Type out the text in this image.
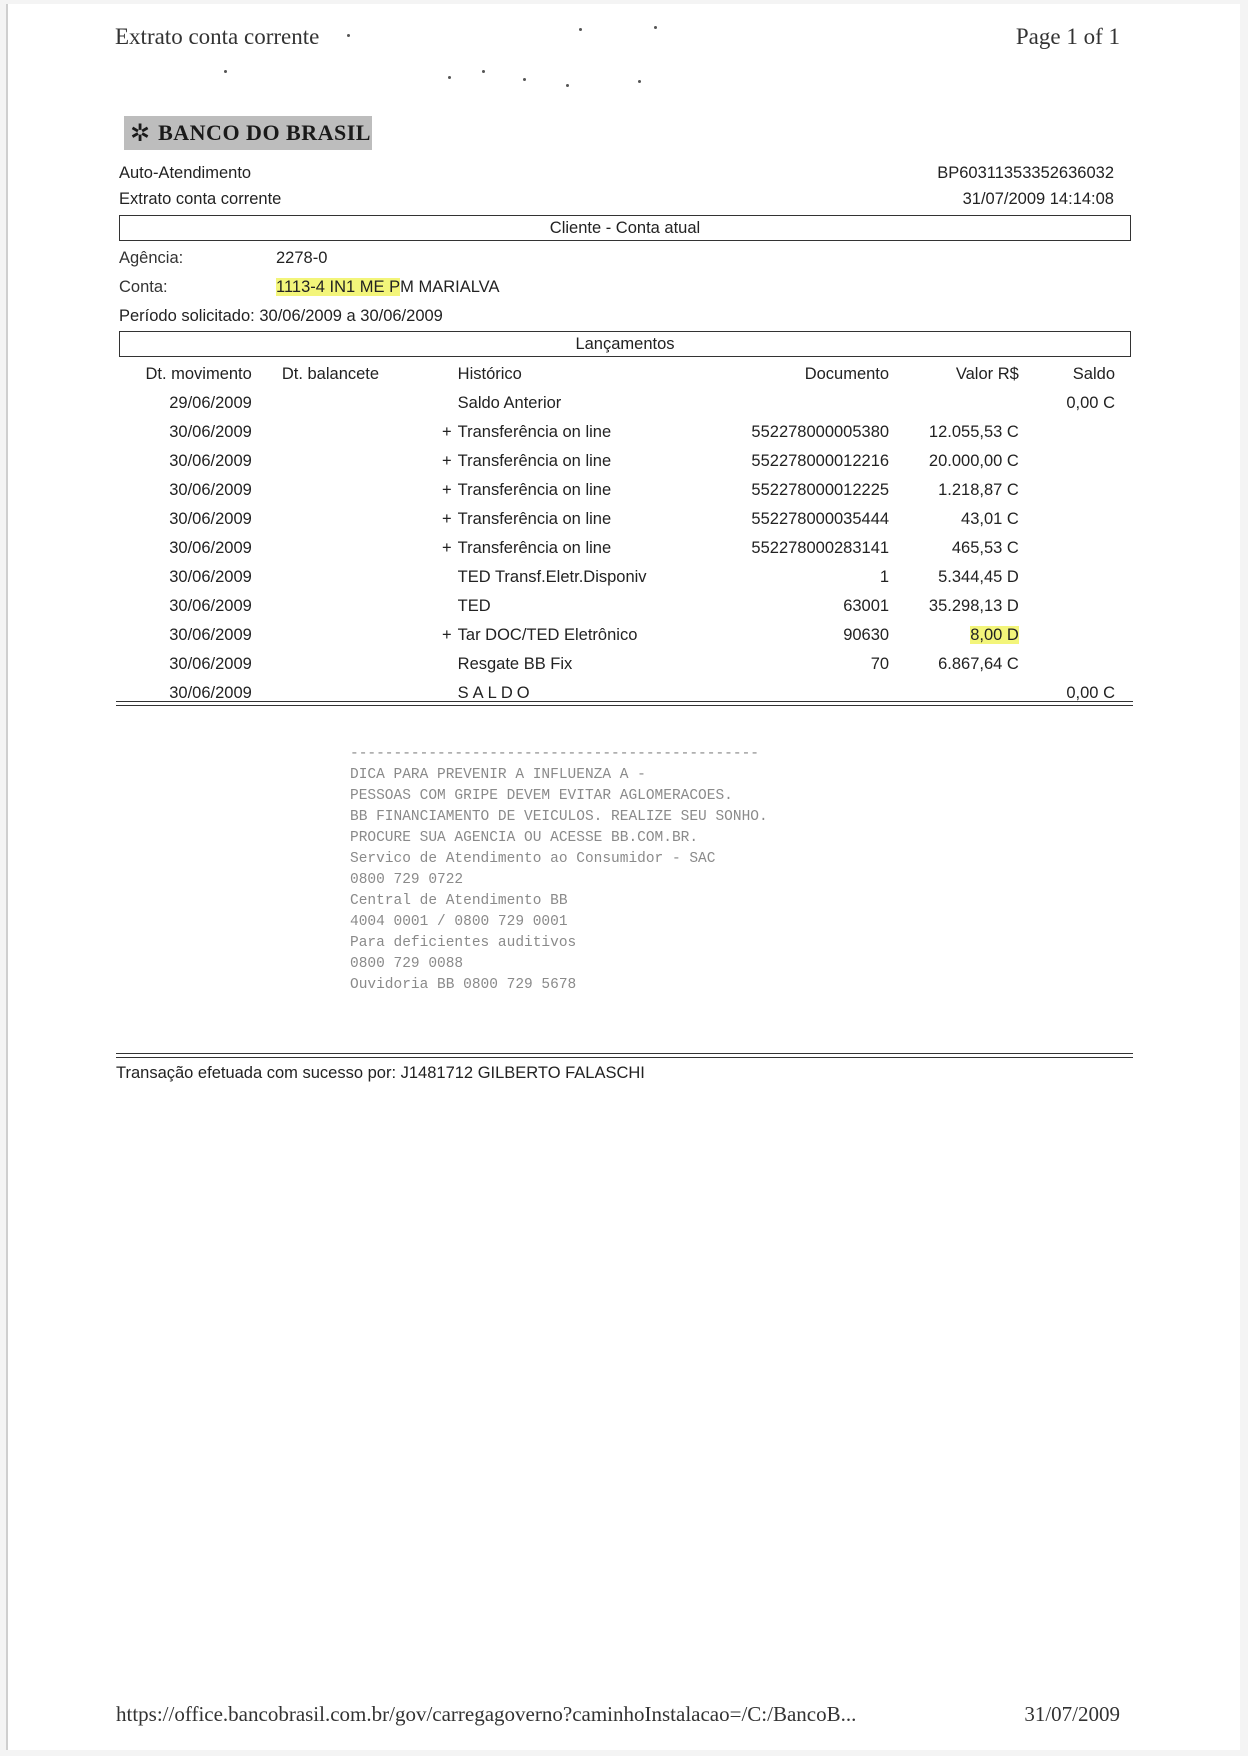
Extrato conta corrente	Page 1 of 1
✲ BANCO DO BRASIL
Auto-Atendimento
Extrato conta corrente
BP60311353352636032
31/07/2009 14:14:08
Cliente - Conta atual
Agência:	2278-0
Conta:	1113-4 IN1 ME PM MARIALVA
Período solicitado: 30/06/2009 a 30/06/2009
Lançamentos
Dt. movimento	Dt. balancete		Histórico	Documento	Valor R$	Saldo
29/06/2009			Saldo Anterior			0,00 C
30/06/2009		+	Transferência on line	552278000005380	12.055,53 C	
30/06/2009		+	Transferência on line	552278000012216	20.000,00 C	
30/06/2009		+	Transferência on line	552278000012225	1.218,87 C	
30/06/2009		+	Transferência on line	552278000035444	43,01 C	
30/06/2009		+	Transferência on line	552278000283141	465,53 C	
30/06/2009			TED Transf.Eletr.Disponiv	1	5.344,45 D	
30/06/2009			TED	63001	35.298,13 D	
30/06/2009		+	Tar DOC/TED Eletrônico	90630	8,00 D	
30/06/2009			Resgate BB Fix	70	6.867,64 C	
30/06/2009			SALDO			0,00 C
-----------------------------------------------
DICA PARA PREVENIR A INFLUENZA A -
PESSOAS COM GRIPE DEVEM EVITAR AGLOMERACOES.
BB FINANCIAMENTO DE VEICULOS. REALIZE SEU SONHO.
PROCURE SUA AGENCIA OU ACESSE BB.COM.BR.
Servico de Atendimento ao Consumidor - SAC
0800 729 0722
Central de Atendimento BB
4004 0001 / 0800 729 0001
Para deficientes auditivos
0800 729 0088
Ouvidoria BB 0800 729 5678
Transação efetuada com sucesso por: J1481712 GILBERTO FALASCHI
https://office.bancobrasil.com.br/gov/carregagoverno?caminhoInstalacao=/C:/BancoB...	31/07/2009
